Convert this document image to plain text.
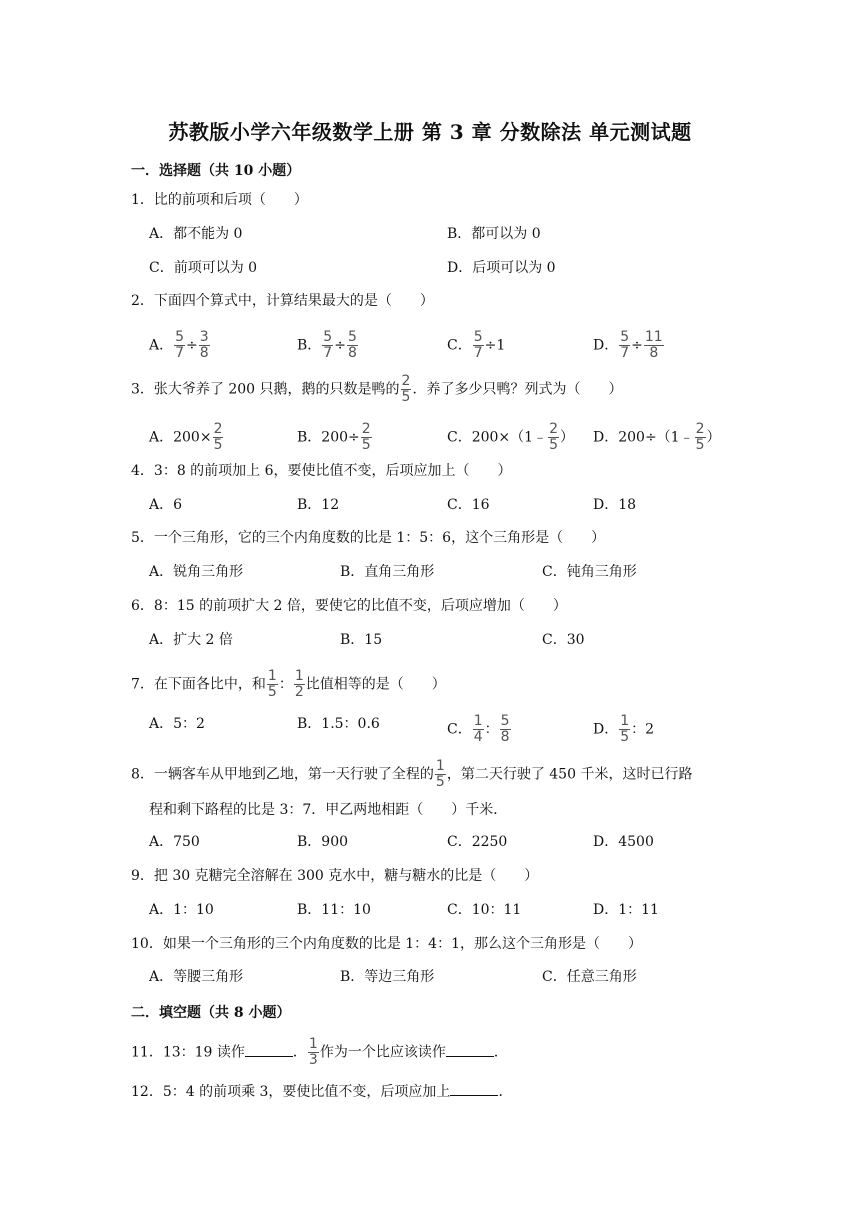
苏教版小学六年级数学上册 第 3 章 分数除法 单元测试题
一．选择题（共 10 小题）
1．比的前项和后项（　　）
A．都不能为 0	B．都可以为 0
C．前项可以为 0	D．后项可以为 0
2．下面四个算式中，计算结果最大的是（　　）
A． $\frac{5}{7} \div \frac{3}{8}$	B． $\frac{5}{7} \div \frac{5}{8}$	C． $\frac{5}{7} \div 1$	D． $\frac{5}{7} \div \frac{11}{8}$
3．张大爷养了 200 只鹅，鹅的只数是鸭的 $\frac{2}{5}$ ．养了多少只鸭？列式为（　　）
A．$200\times \frac{2}{5}$	B．$200\div \frac{2}{5}$	C．200×（1﹣ $\frac{2}{5}$ ） D．200÷（1﹣ $\frac{2}{5}$ ）
4．3：8 的前项加上 6，要使比值不变，后项应加上（　　）
A．6	B．12	C．16	D．18
5．一个三角形，它的三个内角度数的比是 1：5：6，这个三角形是（　　）
A．锐角三角形	B．直角三角形	C．钝角三角形
6．8：15 的前项扩大 2 倍，要使它的比值不变，后项应增加（　　）
A．扩大 2 倍	B．15	C．30
7．在下面各比中，和 $\frac{1}{5}$ ： $\frac{1}{2}$ 比值相等的是（　　）
A．5：2	B．1.5：0.6	C． $\frac{1}{4}$ ： $\frac{5}{8}$	D． $\frac{1}{5}$ ：2
8．一辆客车从甲地到乙地，第一天行驶了全程的 $\frac{1}{5}$ ，第二天行驶了 450 千米，这时已行路
程和剩下路程的比是 3：7．甲乙两地相距（　　）千米．
A．750	B．900	C．2250	D．4500
9．把 30 克糖完全溶解在 300 克水中，糖与糖水的比是（　　）
A．1：10	B．11：10	C．10：11	D．1：11
10．如果一个三角形的三个内角度数的比是 1：4：1，那么这个三角形是（　　）
A．等腰三角形	B．等边三角形	C．任意三角形
二．填空题（共 8 小题）
11．13：19 读作	． $\frac{1}{3}$ 作为一个比应该读作	．
12．5：4 的前项乘 3，要使比值不变，后项应加上	．
